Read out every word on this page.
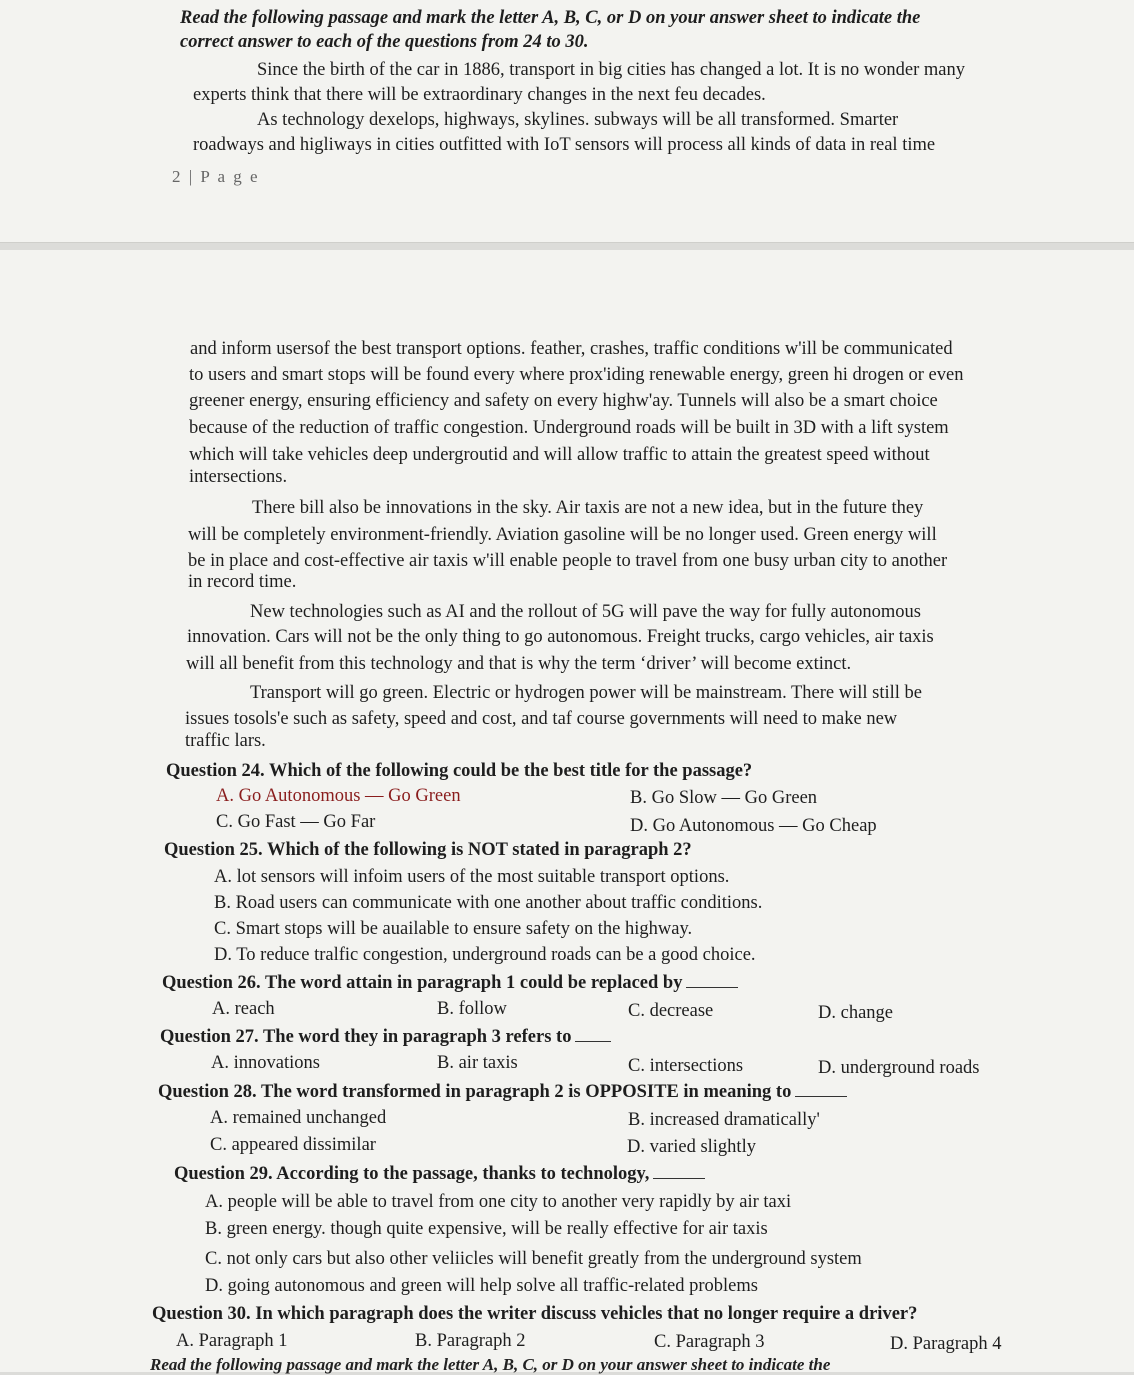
Read the following passage and mark the letter A, B, C, or D on your answer sheet to indicate the
correct answer to each of the questions from 24 to 30.
Since the birth of the car in 1886, transport in big cities has changed a lot. It is no wonder many
experts think that there will be extraordinary changes in the next feu decades.
As technology dexelops, highways, skylines. subways will be all transformed. Smarter
roadways and higliways in cities outfitted with IoT sensors will process all kinds of data in real time
2 | P a g e
and inform usersof the best transport options. feather, crashes, traffic conditions w'ill be communicated
to users and smart stops will be found every where prox'iding renewable energy, green hi drogen or even
greener energy, ensuring efficiency and safety on every highw'ay. Tunnels will also be a smart choice
because of the reduction of traffic congestion. Underground roads will be built in 3D with a lift system
which will take vehicles deep undergroutid and will allow traffic to attain the greatest speed without
intersections.
There bill also be innovations in the sky. Air taxis are not a new idea, but in the future they
will be completely environment-friendly. Aviation gasoline will be no longer used. Green energy will
be in place and cost-effective air taxis w'ill enable people to travel from one busy urban city to another
in record time.
New technologies such as AI and the rollout of 5G will pave the way for fully autonomous
innovation. Cars will not be the only thing to go autonomous. Freight trucks, cargo vehicles, air taxis
will all benefit from this technology and that is why the term ‘driver’ will become extinct.
Transport will go green. Electric or hydrogen power will be mainstream. There will still be
issues tosols'e such as safety, speed and cost, and taf course governments will need to make new
traffic lars.
Question 24. Which of the following could be the best title for the passage?
A. Go Autonomous — Go Green	B. Go Slow — Go Green
C. Go Fast — Go Far	D. Go Autonomous — Go Cheap
Question 25. Which of the following is NOT stated in paragraph 2?
A. lot sensors will infoim users of the most suitable transport options.
B. Road users can communicate with one another about traffic conditions.
C. Smart stops will be auailable to ensure safety on the highway.
D. To reduce tralfic congestion, underground roads can be a good choice.
Question 26. The word attain in paragraph 1 could be replaced by
A. reach	B. follow	C. decrease	D. change
Question 27. The word they in paragraph 3 refers to
A. innovations	B. air taxis	C. intersections	D. underground roads
Question 28. The word transformed in paragraph 2 is OPPOSITE in meaning to
A. remained unchanged	B. increased dramatically'
C. appeared dissimilar	D. varied slightly
Question 29. According to the passage, thanks to technology,
A. people will be able to travel from one city to another very rapidly by air taxi
B. green energy. though quite expensive, will be really effective for air taxis
C. not only cars but also other veliicles will benefit greatly from the underground system
D. going autonomous and green will help solve all traffic-related problems
Question 30. In which paragraph does the writer discuss vehicles that no longer require a driver?
A. Paragraph 1	B. Paragraph 2	C. Paragraph 3	D. Paragraph 4
Read the following passage and mark the letter A, B, C, or D on your answer sheet to indicate the
